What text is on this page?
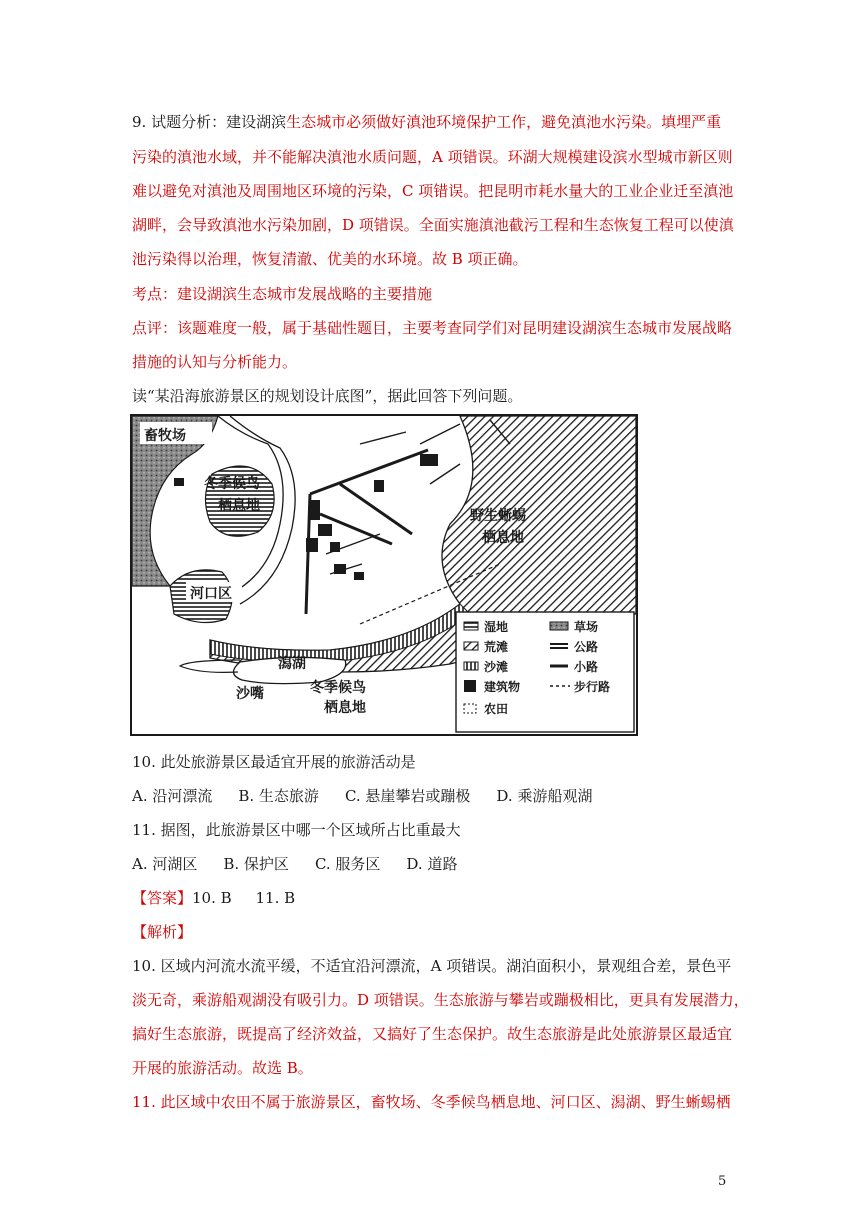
9. 试题分析：建设湖滨生态城市必须做好滇池环境保护工作，避免滇池水污染。填埋严重
污染的滇池水域，并不能解决滇池水质问题，A 项错误。环湖大规模建设滨水型城市新区则
难以避免对滇池及周围地区环境的污染，C 项错误。把昆明市耗水量大的工业企业迁至滇池
湖畔，会导致滇池水污染加剧，D 项错误。全面实施滇池截污工程和生态恢复工程可以使滇
池污染得以治理，恢复清澈、优美的水环境。故 B 项正确。
考点：建设湖滨生态城市发展战略的主要措施
点评：该题难度一般，属于基础性题目，主要考查同学们对昆明建设湖滨生态城市发展战略
措施的认知与分析能力。
读“某沿海旅游景区的规划设计底图”，据此回答下列问题。
畜牧场
冬季候鸟
栖息地
河口区
野生蜥蜴
栖息地
潟湖
沙嘴	冬季候鸟
栖息地
湿地	草场
荒滩	公路
沙滩	小路
建筑物	步行路
农田
10. 此处旅游景区最适宜开展的旅游活动是
A. 沿河漂流 B. 生态旅游 C. 悬崖攀岩或蹦极 D. 乘游船观湖
11. 据图，此旅游景区中哪一个区域所占比重最大
A. 河湖区 B. 保护区 C. 服务区 D. 道路
【答案】10. B     11. B
【解析】
10. 区域内河流水流平缓，不适宜沿河漂流，A 项错误。湖泊面积小，景观组合差，景色平
淡无奇，乘游船观湖没有吸引力。D 项错误。生态旅游与攀岩或蹦极相比，更具有发展潜力，
搞好生态旅游，既提高了经济效益，又搞好了生态保护。故生态旅游是此处旅游景区最适宜
开展的旅游活动。故选 B。
11. 此区域中农田不属于旅游景区，畜牧场、冬季候鸟栖息地、河口区、潟湖、野生蜥蜴栖
5
